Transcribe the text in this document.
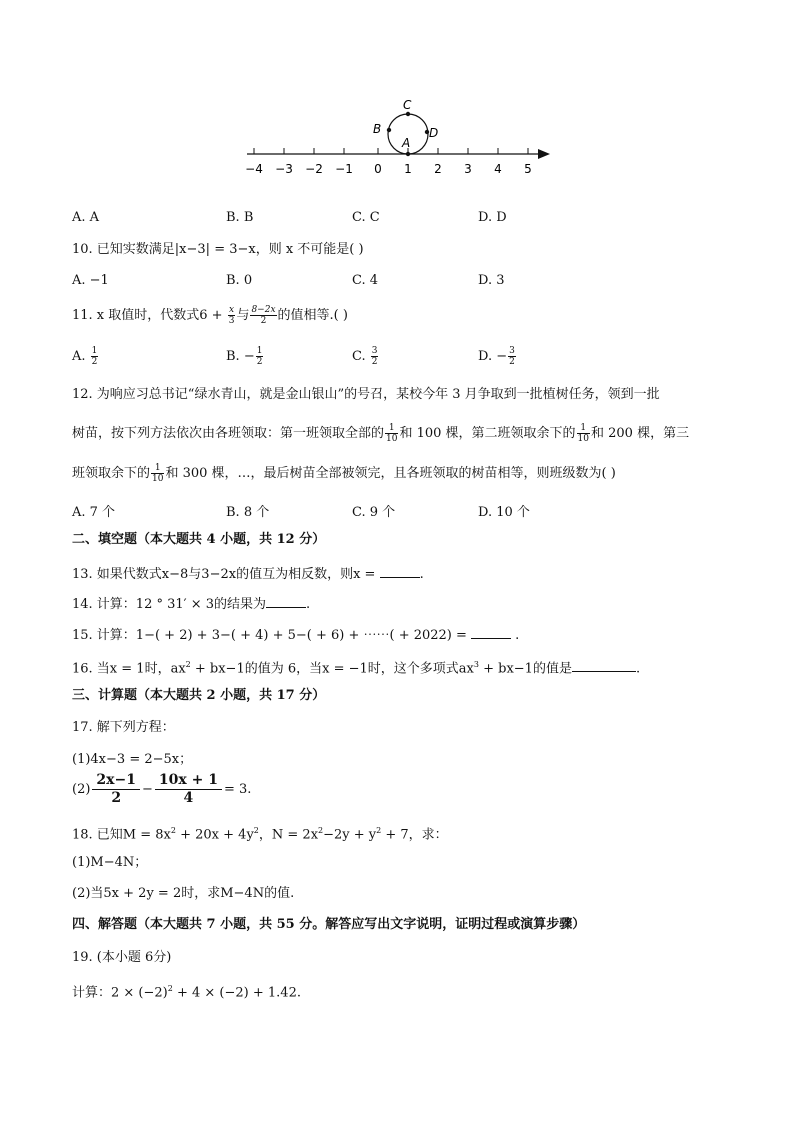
C
B	D
A
−4 −3 −2 −1 0 1 2 3 4 5
A. A	B. B	C. C	D. D
10. 已知实数满足|x−3| = 3−x，则 x 不可能是( )
A. −1	B. 0	C. 4	D. 3
11. x 取值时，代数式$6 + \frac{x}{3}$ 与 $\frac{8-2x}{2}$ 的值相等.( )
A. $\frac{1}{2}$	B. − $\frac{1}{2}$	C. $\frac{3}{2}$	D. − $\frac{3}{2}$
12. 为响应习总书记“绿水青山，就是金山银山”的号召，某校今年 3 月争取到一批植树任务，领到一批
树苗，按下列方法依次由各班领取：第一班领取全部的 $\frac{1}{10}$ 和 100 棵，第二班领取余下的 $\frac{1}{10}$ 和 200 棵，第三
班领取余下的 $\frac{1}{10}$ 和 300 棵，…，最后树苗全部被领完，且各班领取的树苗相等，则班级数为( )
A. 7 个	B. 8 个	C. 9 个	D. 10 个
二、填空题（本大题共 4 小题，共 12 分）
13. 如果代数式x−8与3−2x的值互为相反数，则x =	.
14. 计算：12 ° 31′ × 3的结果为	.
15. 计算：1−( + 2) + 3−( + 4) + 5−( + 6) + ⋯⋯( + 2022) =	.
16. 当x = 1时，$ax^2 + bx-1$的值为 6，当x = −1时，这个多项式$ax^3 + bx-1$的值是	.
三、计算题（本大题共 2 小题，共 17 分）
17. 解下列方程：
(1)4x−3 = 2−5x；
$(2) \frac{2x-1}{2} - \frac{10x + 1}{4} = 3$.
18. 已知$M = 8x^2 + 20x + 4y^2$，$N = 2x^2-2y + y^2 + 7$，求：
(1)M−4N；
(2)当5x + 2y = 2时，求M−4N的值.
四、解答题（本大题共 7 小题，共 55 分。解答应写出文字说明，证明过程或演算步骤）
19. (本小题 6分)
计算：$2 \times (-2)^2 + 4 \times (-2) + 1.42$.
